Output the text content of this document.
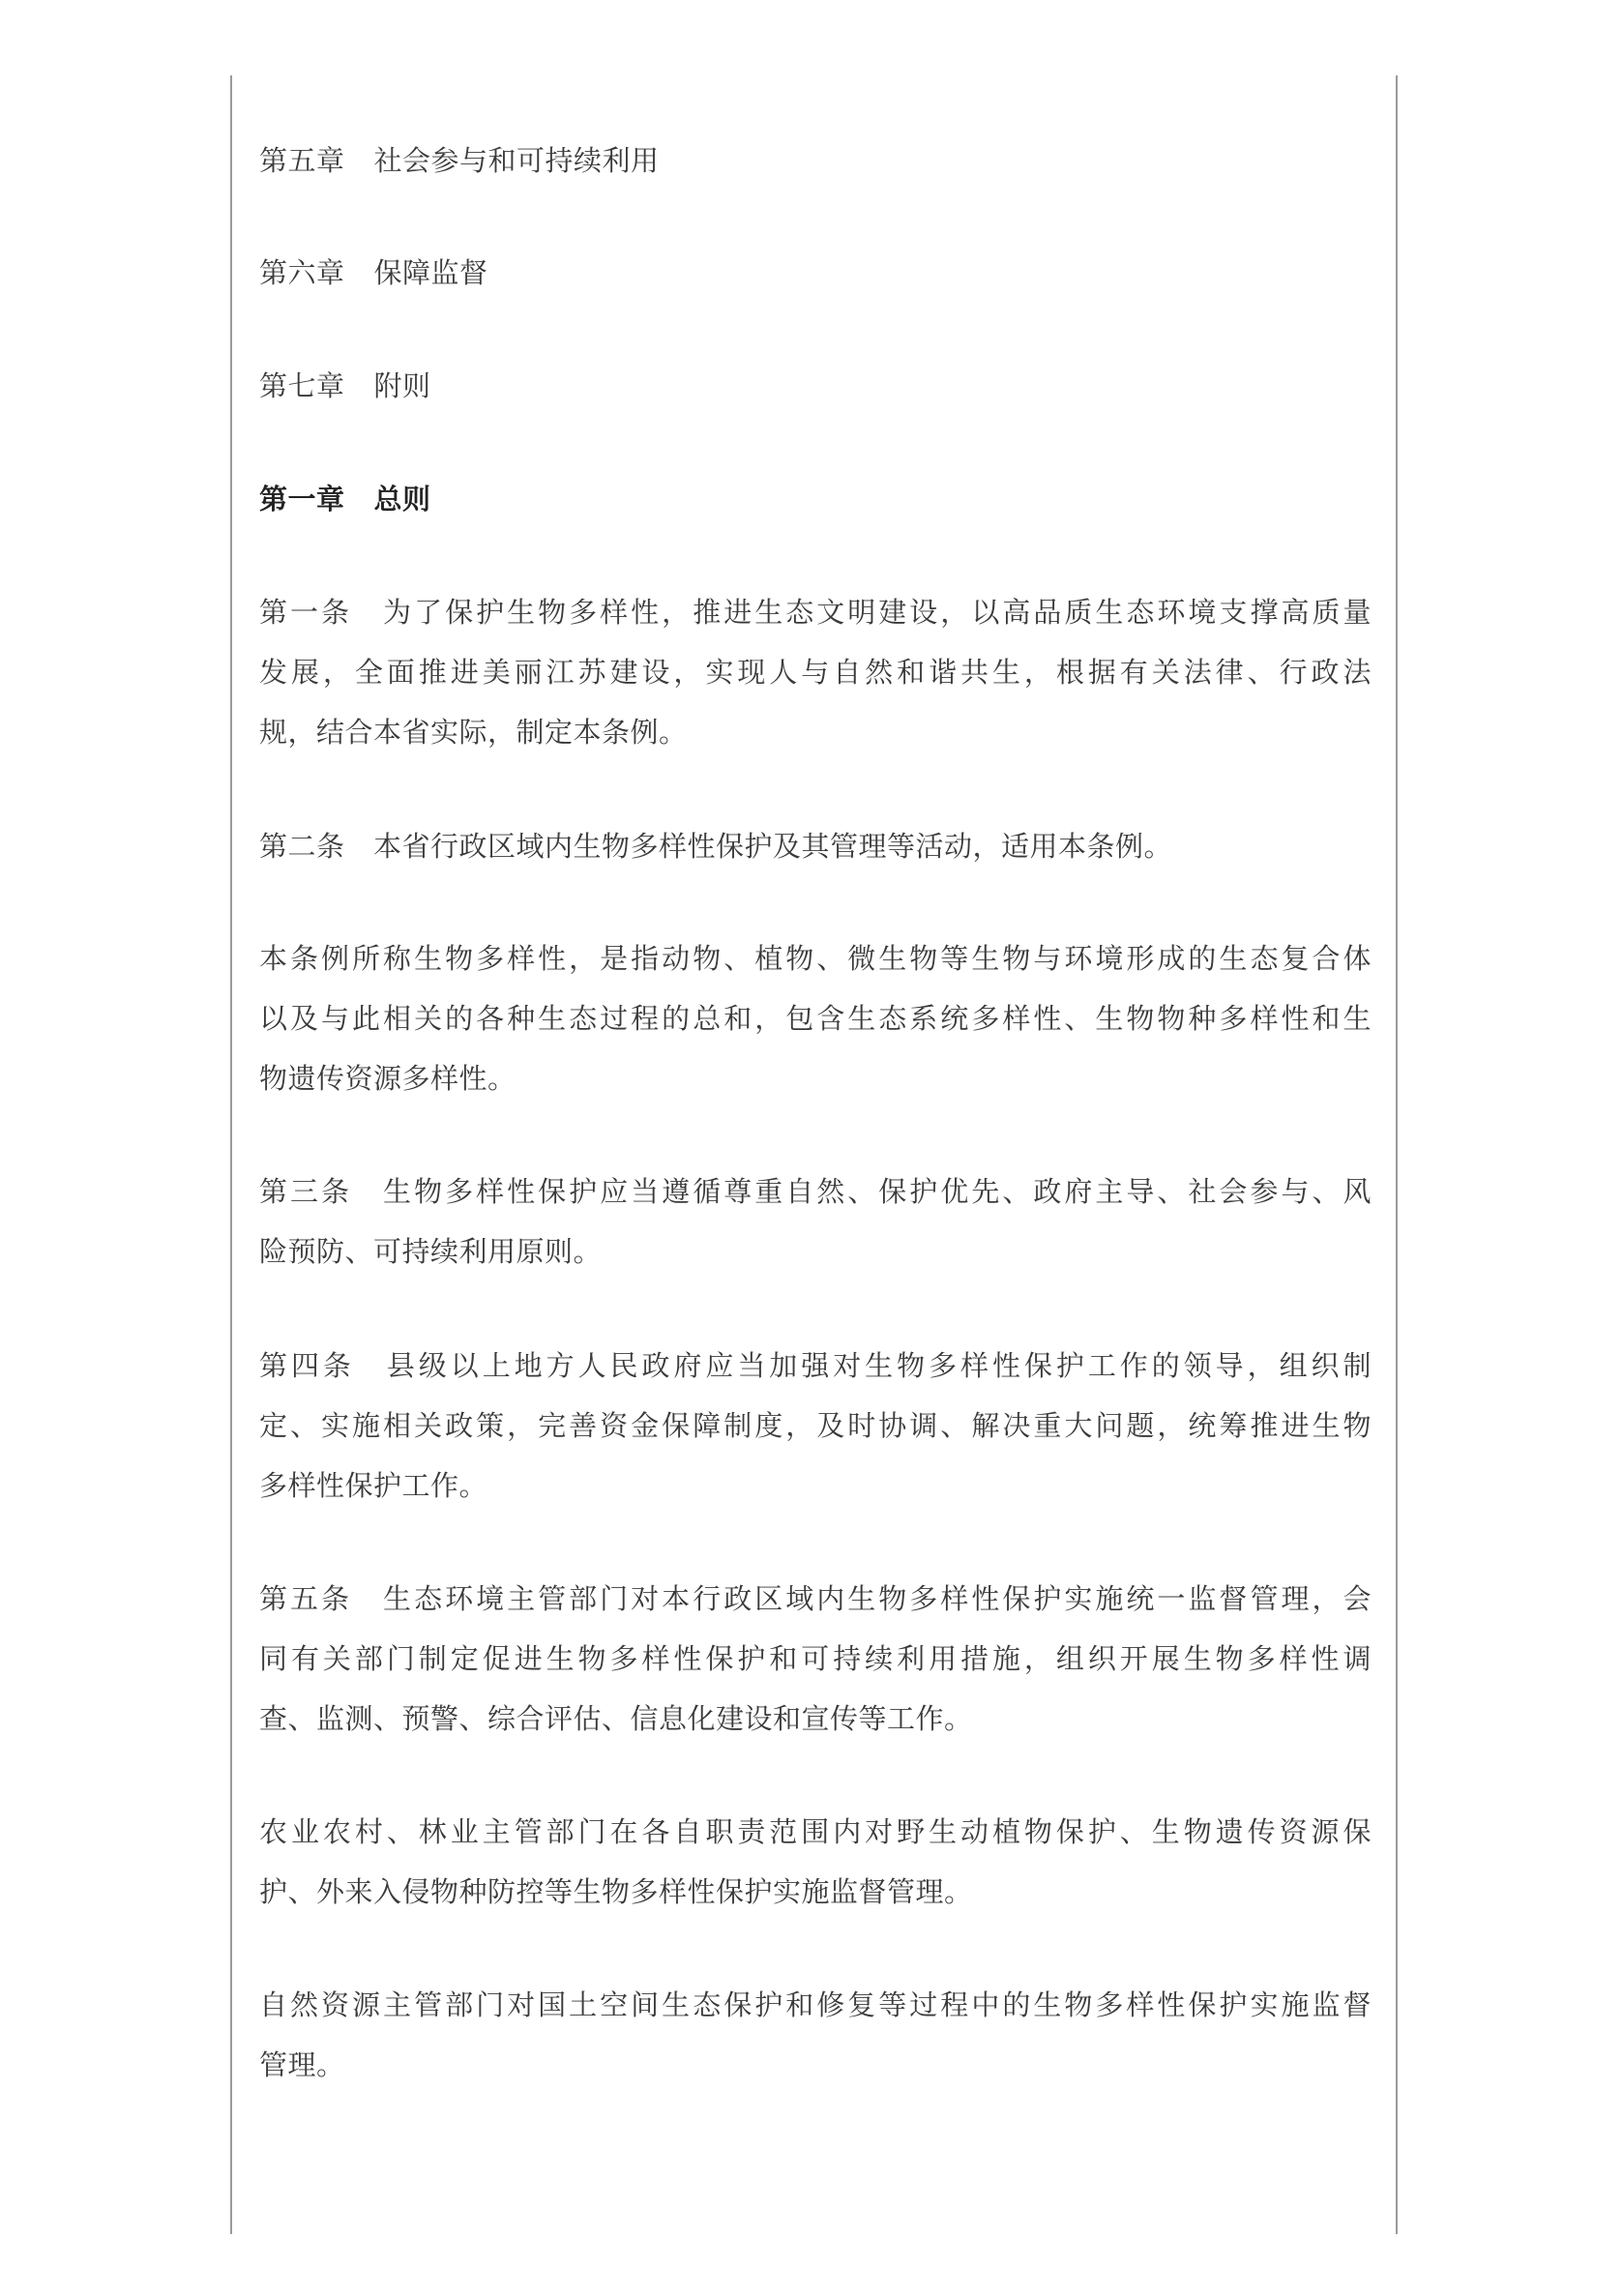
第五章 社会参与和可持续利用
第六章 保障监督
第七章 附则
第一章 总则
第一条　为了保护生物多样性，推进生态文明建设，以高品质生态环境支撑高质量
发展，全面推进美丽江苏建设，实现人与自然和谐共生，根据有关法律、行政法
规，结合本省实际，制定本条例。
第二条　本省行政区域内生物多样性保护及其管理等活动，适用本条例。
本条例所称生物多样性，是指动物、植物、微生物等生物与环境形成的生态复合体
以及与此相关的各种生态过程的总和，包含生态系统多样性、生物物种多样性和生
物遗传资源多样性。
第三条　生物多样性保护应当遵循尊重自然、保护优先、政府主导、社会参与、风
险预防、可持续利用原则。
第四条　县级以上地方人民政府应当加强对生物多样性保护工作的领导，组织制
定、实施相关政策，完善资金保障制度，及时协调、解决重大问题，统筹推进生物
多样性保护工作。
第五条　生态环境主管部门对本行政区域内生物多样性保护实施统一监督管理，会
同有关部门制定促进生物多样性保护和可持续利用措施，组织开展生物多样性调
查、监测、预警、综合评估、信息化建设和宣传等工作。
农业农村、林业主管部门在各自职责范围内对野生动植物保护、生物遗传资源保
护、外来入侵物种防控等生物多样性保护实施监督管理。
自然资源主管部门对国土空间生态保护和修复等过程中的生物多样性保护实施监督
管理。
